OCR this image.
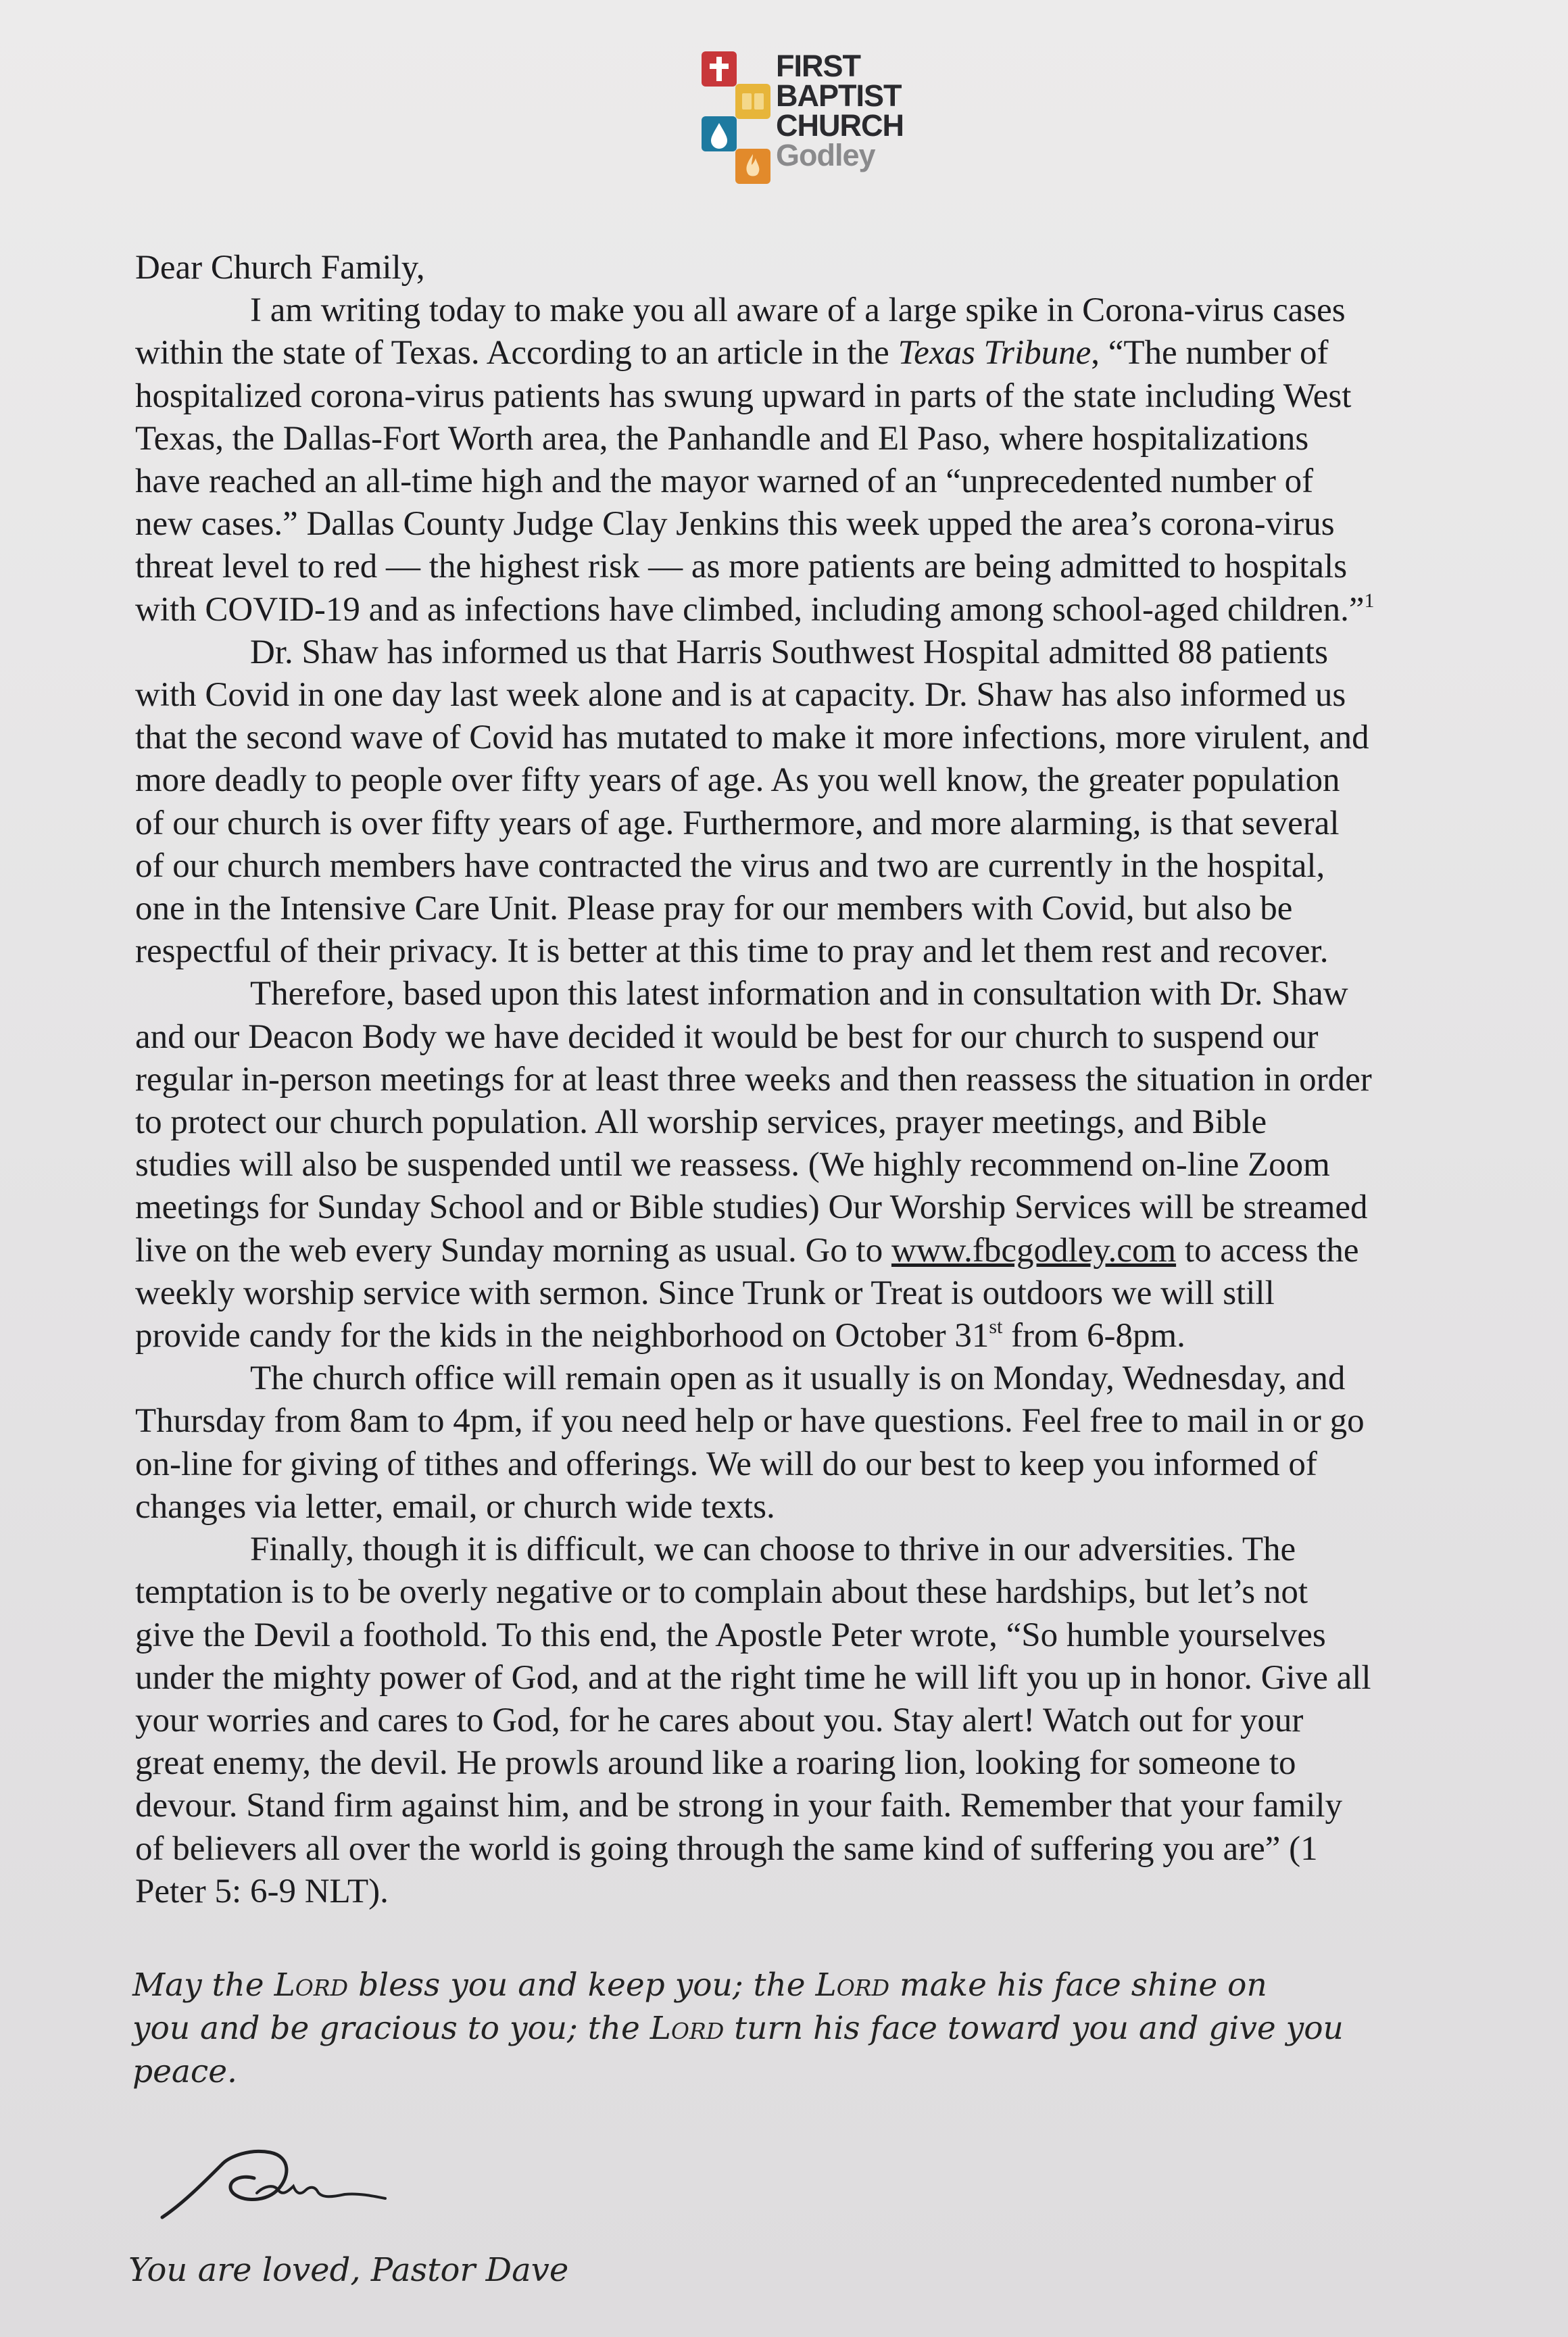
FIRST
BAPTIST
CHURCH
Godley

Dear Church Family,

I am writing today to make you all aware of a large spike in Corona-virus cases
within the state of Texas. According to an article in the Texas Tribune, “The number of
hospitalized corona-virus patients has swung upward in parts of the state including West
Texas, the Dallas-Fort Worth area, the Panhandle and El Paso, where hospitalizations
have reached an all-time high and the mayor warned of an “unprecedented number of
new cases.” Dallas County Judge Clay Jenkins this week upped the area’s corona-virus
threat level to red — the highest risk — as more patients are being admitted to hospitals
with COVID-19 and as infections have climbed, including among school-aged children.”$^1$

Dr. Shaw has informed us that Harris Southwest Hospital admitted 88 patients
with Covid in one day last week alone and is at capacity. Dr. Shaw has also informed us
that the second wave of Covid has mutated to make it more infections, more virulent, and
more deadly to people over fifty years of age. As you well know, the greater population
of our church is over fifty years of age. Furthermore, and more alarming, is that several
of our church members have contracted the virus and two are currently in the hospital,
one in the Intensive Care Unit. Please pray for our members with Covid, but also be
respectful of their privacy. It is better at this time to pray and let them rest and recover.

Therefore, based upon this latest information and in consultation with Dr. Shaw
and our Deacon Body we have decided it would be best for our church to suspend our
regular in-person meetings for at least three weeks and then reassess the situation in order
to protect our church population. All worship services, prayer meetings, and Bible
studies will also be suspended until we reassess. (We highly recommend on-line Zoom
meetings for Sunday School and or Bible studies) Our Worship Services will be streamed
live on the web every Sunday morning as usual. Go to www.fbcgodley.com to access the
weekly worship service with sermon. Since Trunk or Treat is outdoors we will still
provide candy for the kids in the neighborhood on October 31st from 6-8pm.

The church office will remain open as it usually is on Monday, Wednesday, and
Thursday from 8am to 4pm, if you need help or have questions. Feel free to mail in or go
on-line for giving of tithes and offerings. We will do our best to keep you informed of
changes via letter, email, or church wide texts.

Finally, though it is difficult, we can choose to thrive in our adversities. The
temptation is to be overly negative or to complain about these hardships, but let’s not
give the Devil a foothold. To this end, the Apostle Peter wrote, “So humble yourselves
under the mighty power of God, and at the right time he will lift you up in honor. Give all
your worries and cares to God, for he cares about you. Stay alert! Watch out for your
great enemy, the devil. He prowls around like a roaring lion, looking for someone to
devour. Stand firm against him, and be strong in your faith. Remember that your family
of believers all over the world is going through the same kind of suffering you are” (1
Peter 5: 6-9 NLT).

May the Lord bless you and keep you; the Lord make his face shine on
you and be gracious to you; the Lord turn his face toward you and give you
peace.
You are loved, Pastor Dave
